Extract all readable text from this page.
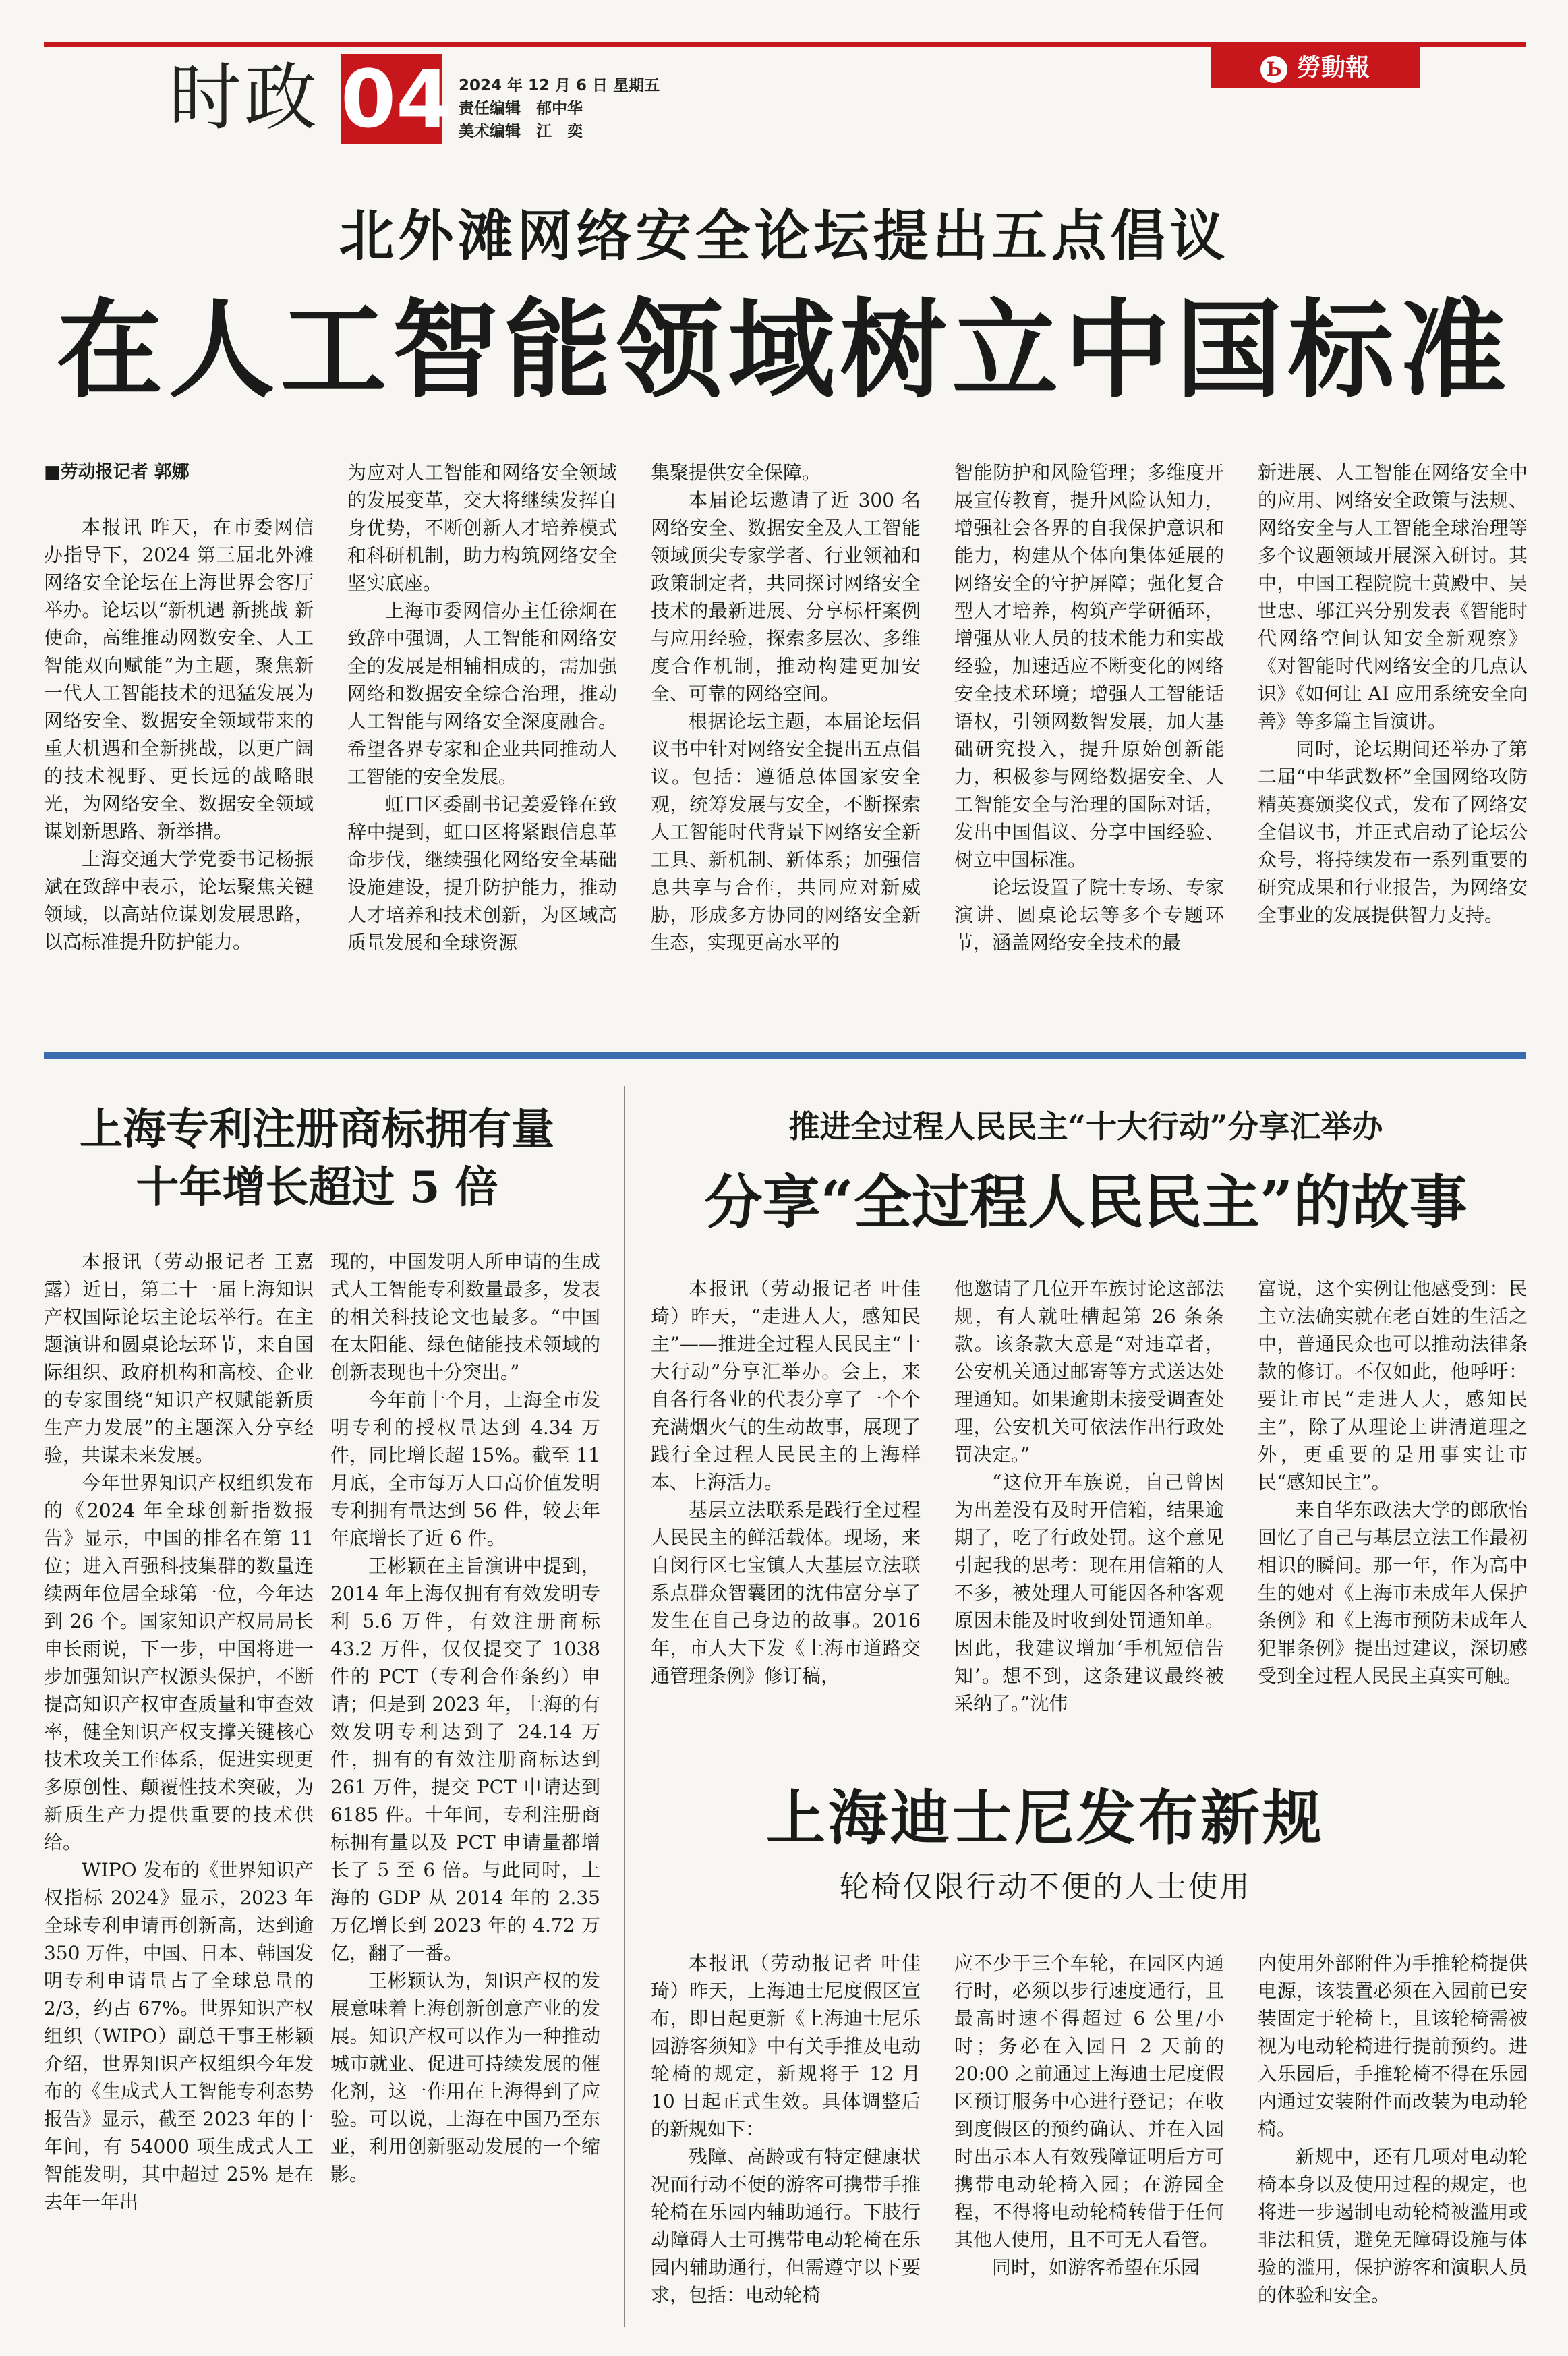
时政 04 2024 年 12 月 6 日 星期五
责任编辑　郁中华
美术编辑　江　奕
Ь 勞動報
北外滩网络安全论坛提出五点倡议
在人工智能领域树立中国标准

■劳动报记者 郭娜

本报讯 昨天，在市委网信办指导下，2024 第三届北外滩网络安全论坛在上海世界会客厅举办。论坛以“新机遇 新挑战 新使命，高维推动网数安全、人工智能双向赋能”为主题，聚焦新一代人工智能技术的迅猛发展为网络安全、数据安全领域带来的重大机遇和全新挑战，以更广阔的技术视野、更长远的战略眼光，为网络安全、数据安全领域谋划新思路、新举措。

上海交通大学党委书记杨振斌在致辞中表示，论坛聚焦关键领域，以高站位谋划发展思路，以高标准提升防护能力。

为应对人工智能和网络安全领域的发展变革，交大将继续发挥自身优势，不断创新人才培养模式和科研机制，助力构筑网络安全坚实底座。

上海市委网信办主任徐炯在致辞中强调，人工智能和网络安全的发展是相辅相成的，需加强网络和数据安全综合治理，推动人工智能与网络安全深度融合。希望各界专家和企业共同推动人工智能的安全发展。

虹口区委副书记姜爱锋在致辞中提到，虹口区将紧跟信息革命步伐，继续强化网络安全基础设施建设，提升防护能力，推动人才培养和技术创新，为区域高质量发展和全球资源

集聚提供安全保障。

本届论坛邀请了近 300 名网络安全、数据安全及人工智能领域顶尖专家学者、行业领袖和政策制定者，共同探讨网络安全技术的最新进展、分享标杆案例与应用经验，探索多层次、多维度合作机制，推动构建更加安全、可靠的网络空间。

根据论坛主题，本届论坛倡议书中针对网络安全提出五点倡议。包括：遵循总体国家安全观，统筹发展与安全，不断探索人工智能时代背景下网络安全新工具、新机制、新体系；加强信息共享与合作，共同应对新威胁，形成多方协同的网络安全新生态，实现更高水平的

智能防护和风险管理；多维度开展宣传教育，提升风险认知力，增强社会各界的自我保护意识和能力，构建从个体向集体延展的网络安全的守护屏障；强化复合型人才培养，构筑产学研循环，增强从业人员的技术能力和实战经验，加速适应不断变化的网络安全技术环境；增强人工智能话语权，引领网数智发展，加大基础研究投入，提升原始创新能力，积极参与网络数据安全、人工智能安全与治理的国际对话，发出中国倡议、分享中国经验、树立中国标准。

论坛设置了院士专场、专家演讲、圆桌论坛等多个专题环节，涵盖网络安全技术的最

新进展、人工智能在网络安全中的应用、网络安全政策与法规、网络安全与人工智能全球治理等多个议题领域开展深入研讨。其中，中国工程院院士黄殿中、吴世忠、邬江兴分别发表《智能时代网络空间认知安全新观察》《对智能时代网络安全的几点认识》《如何让 AI 应用系统安全向善》等多篇主旨演讲。

同时，论坛期间还举办了第二届“中华武数杯”全国网络攻防精英赛颁奖仪式，发布了网络安全倡议书，并正式启动了论坛公众号，将持续发布一系列重要的研究成果和行业报告，为网络安全事业的发展提供智力支持。

上海专利注册商标拥有量
十年增长超过 5 倍

本报讯（劳动报记者 王嘉露）近日，第二十一届上海知识产权国际论坛主论坛举行。在主题演讲和圆桌论坛环节，来自国际组织、政府机构和高校、企业的专家围绕“知识产权赋能新质生产力发展”的主题深入分享经验，共谋未来发展。

今年世界知识产权组织发布的《2024 年全球创新指数报告》显示，中国的排名在第 11 位；进入百强科技集群的数量连续两年位居全球第一位，今年达到 26 个。国家知识产权局局长申长雨说，下一步，中国将进一步加强知识产权源头保护，不断提高知识产权审查质量和审查效率，健全知识产权支撑关键核心技术攻关工作体系，促进实现更多原创性、颠覆性技术突破，为新质生产力提供重要的技术供给。

WIPO 发布的《世界知识产权指标 2024》显示，2023 年全球专利申请再创新高，达到逾 350 万件，中国、日本、韩国发明专利申请量占了全球总量的 2/3，约占 67%。世界知识产权组织（WIPO）副总干事王彬颖介绍，世界知识产权组织今年发布的《生成式人工智能专利态势报告》显示，截至 2023 年的十年间，有 54000 项生成式人工智能发明，其中超过 25% 是在去年一年出

现的，中国发明人所申请的生成式人工智能专利数量最多，发表的相关科技论文也最多。“中国在太阳能、绿色储能技术领域的创新表现也十分突出。”

今年前十个月，上海全市发明专利的授权量达到 4.34 万件，同比增长超 15%。截至 11 月底，全市每万人口高价值发明专利拥有量达到 56 件，较去年年底增长了近 6 件。

王彬颖在主旨演讲中提到，2014 年上海仅拥有有效发明专利 5.6 万件，有效注册商标 43.2 万件，仅仅提交了 1038 件的 PCT（专利合作条约）申请；但是到 2023 年，上海的有效发明专利达到了 24.14 万件，拥有的有效注册商标达到 261 万件，提交 PCT 申请达到 6185 件。十年间，专利注册商标拥有量以及 PCT 申请量都增长了 5 至 6 倍。与此同时，上海的 GDP 从 2014 年的 2.35 万亿增长到 2023 年的 4.72 万亿，翻了一番。

王彬颖认为，知识产权的发展意味着上海创新创意产业的发展。知识产权可以作为一种推动城市就业、促进可持续发展的催化剂，这一作用在上海得到了应验。可以说，上海在中国乃至东亚，利用创新驱动发展的一个缩影。

推进全过程人民民主“十大行动”分享汇举办
分享“全过程人民民主”的故事

本报讯（劳动报记者 叶佳琦）昨天，“走进人大，感知民主”——推进全过程人民民主“十大行动”分享汇举办。会上，来自各行各业的代表分享了一个个充满烟火气的生动故事，展现了践行全过程人民民主的上海样本、上海活力。

基层立法联系是践行全过程人民民主的鲜活载体。现场，来自闵行区七宝镇人大基层立法联系点群众智囊团的沈伟富分享了发生在自己身边的故事。2016 年，市人大下发《上海市道路交通管理条例》修订稿，

他邀请了几位开车族讨论这部法规，有人就吐槽起第 26 条条款。该条款大意是“对违章者，公安机关通过邮寄等方式送达处理通知。如果逾期未接受调查处理，公安机关可依法作出行政处罚决定。”

“这位开车族说，自己曾因为出差没有及时开信箱，结果逾期了，吃了行政处罚。这个意见引起我的思考：现在用信箱的人不多，被处理人可能因各种客观原因未能及时收到处罚通知单。因此，我建议增加‘手机短信告知’。想不到，这条建议最终被采纳了。”沈伟

富说，这个实例让他感受到：民主立法确实就在老百姓的生活之中，普通民众也可以推动法律条款的修订。不仅如此，他呼吁：要让市民“走进人大，感知民主”，除了从理论上讲清道理之外，更重要的是用事实让市民“感知民主”。

来自华东政法大学的郎欣怡回忆了自己与基层立法工作最初相识的瞬间。那一年，作为高中生的她对《上海市未成年人保护条例》和《上海市预防未成年人犯罪条例》提出过建议，深切感受到全过程人民民主真实可触。

上海迪士尼发布新规
轮椅仅限行动不便的人士使用

本报讯（劳动报记者 叶佳琦）昨天，上海迪士尼度假区宣布，即日起更新《上海迪士尼乐园游客须知》中有关手推及电动轮椅的规定，新规将于 12 月 10 日起正式生效。具体调整后的新规如下：

残障、高龄或有特定健康状况而行动不便的游客可携带手推轮椅在乐园内辅助通行。下肢行动障碍人士可携带电动轮椅在乐园内辅助通行，但需遵守以下要求，包括：电动轮椅

应不少于三个车轮，在园区内通行时，必须以步行速度通行，且最高时速不得超过 6 公里/小时；务必在入园日 2 天前的 20:00 之前通过上海迪士尼度假区预订服务中心进行登记；在收到度假区的预约确认、并在入园时出示本人有效残障证明后方可携带电动轮椅入园；在游园全程，不得将电动轮椅转借于任何其他人使用，且不可无人看管。

同时，如游客希望在乐园

内使用外部附件为手推轮椅提供电源，该装置必须在入园前已安装固定于轮椅上，且该轮椅需被视为电动轮椅进行提前预约。进入乐园后，手推轮椅不得在乐园内通过安装附件而改装为电动轮椅。

新规中，还有几项对电动轮椅本身以及使用过程的规定，也将进一步遏制电动轮椅被滥用或非法租赁，避免无障碍设施与体验的滥用，保护游客和演职人员的体验和安全。
